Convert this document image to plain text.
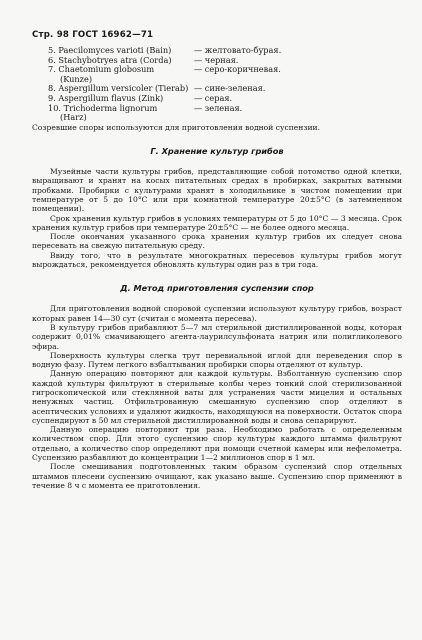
Стр. 98 ГОСТ 16962—71
5. Paecilomyces varioti (Bain)	— желтовато-бурая.
6. Stachybotryes atra (Corda)	— черная.
7. Chaetomium globosum	— серо-коричневая.
(Kunze)
8. Aspergillum versicoler (Tierab) — сине-зеленая.
9. Aspergillum flavus (Zink)	— серая.
10. Trichoderma lignorum	— зеленая.
(Harz)

Созревшие споры используются для приготовления водной суспензии.

Г. Хранение культур грибов

Музейные части культуры грибов, представляющие собой потомство одной клетки, выращивают и хранят на косых питательных средах в пробирках, закрытых ватными пробками. Пробирки с культурами хранят в холодильнике в чистом помещении при температуре от 5 до 10°С или при комнатной температуре 20±5°С (в затемненном помещении).

Срок хранения культур грибов в условиях температуры от 5 до 10°С — 3 месяца. Срок хранения культур грибов при температуре 20±5°С — не более одного месяца.

После окончания указанного срока хранения культур грибов их следует снова пересевать на свежую питательную среду.

Ввиду того, что в результате многократных пересевов культуры грибов могут вырождаться, рекомендуется обновлять культуры один раз в три года.

Д. Метод приготовления суспензии спор

Для приготовления водной споровой суспензии используют культуру грибов, возраст которых равен 14—30 сут (считая с момента пересева).

В культуру грибов прибавляют 5—7 мл стерильной дистиллированной воды, которая содержит 0,01% смачивающего агента-лаурилсульфоната натрия или полигликолевого эфира.

Поверхность культуры слегка трут перевиальной иглой для переведения спор в водную фазу. Путем легкого взбалтывания пробирки споры отделяют от культур.

Данную операцию повторяют для каждой культуры. Взболтанную суспензию спор каждой культуры фильтруют в стерильные колбы через тонкий слой стерилизованной гигроскопической или стеклянной ваты для устранения части мицелия и остальных ненужных частиц. Отфильтрованную смешанную суспензию спор отделяют в асептических условиях и удаляют жидкость, находящуюся на поверхности. Остаток спора суспендируют в 50 мл стерильной дистиллированной воды и снова сепарируют.

Данную операцию повторяют три раза. Необходимо работать с определенным количеством спор. Для этого суспензию спор культуры каждого штамма фильтруют отдельно, а количество спор определяют при помощи счетной камеры или нефелометра. Суспензию разбавляют до концентрации 1—2 миллионов спор в 1 мл.

После смешивания подготовленных таким образом суспензий спор отдельных штаммов плесени суспензию очищают, как указано выше. Суспензию спор применяют в течение 8 ч с момента ее приготовления.
